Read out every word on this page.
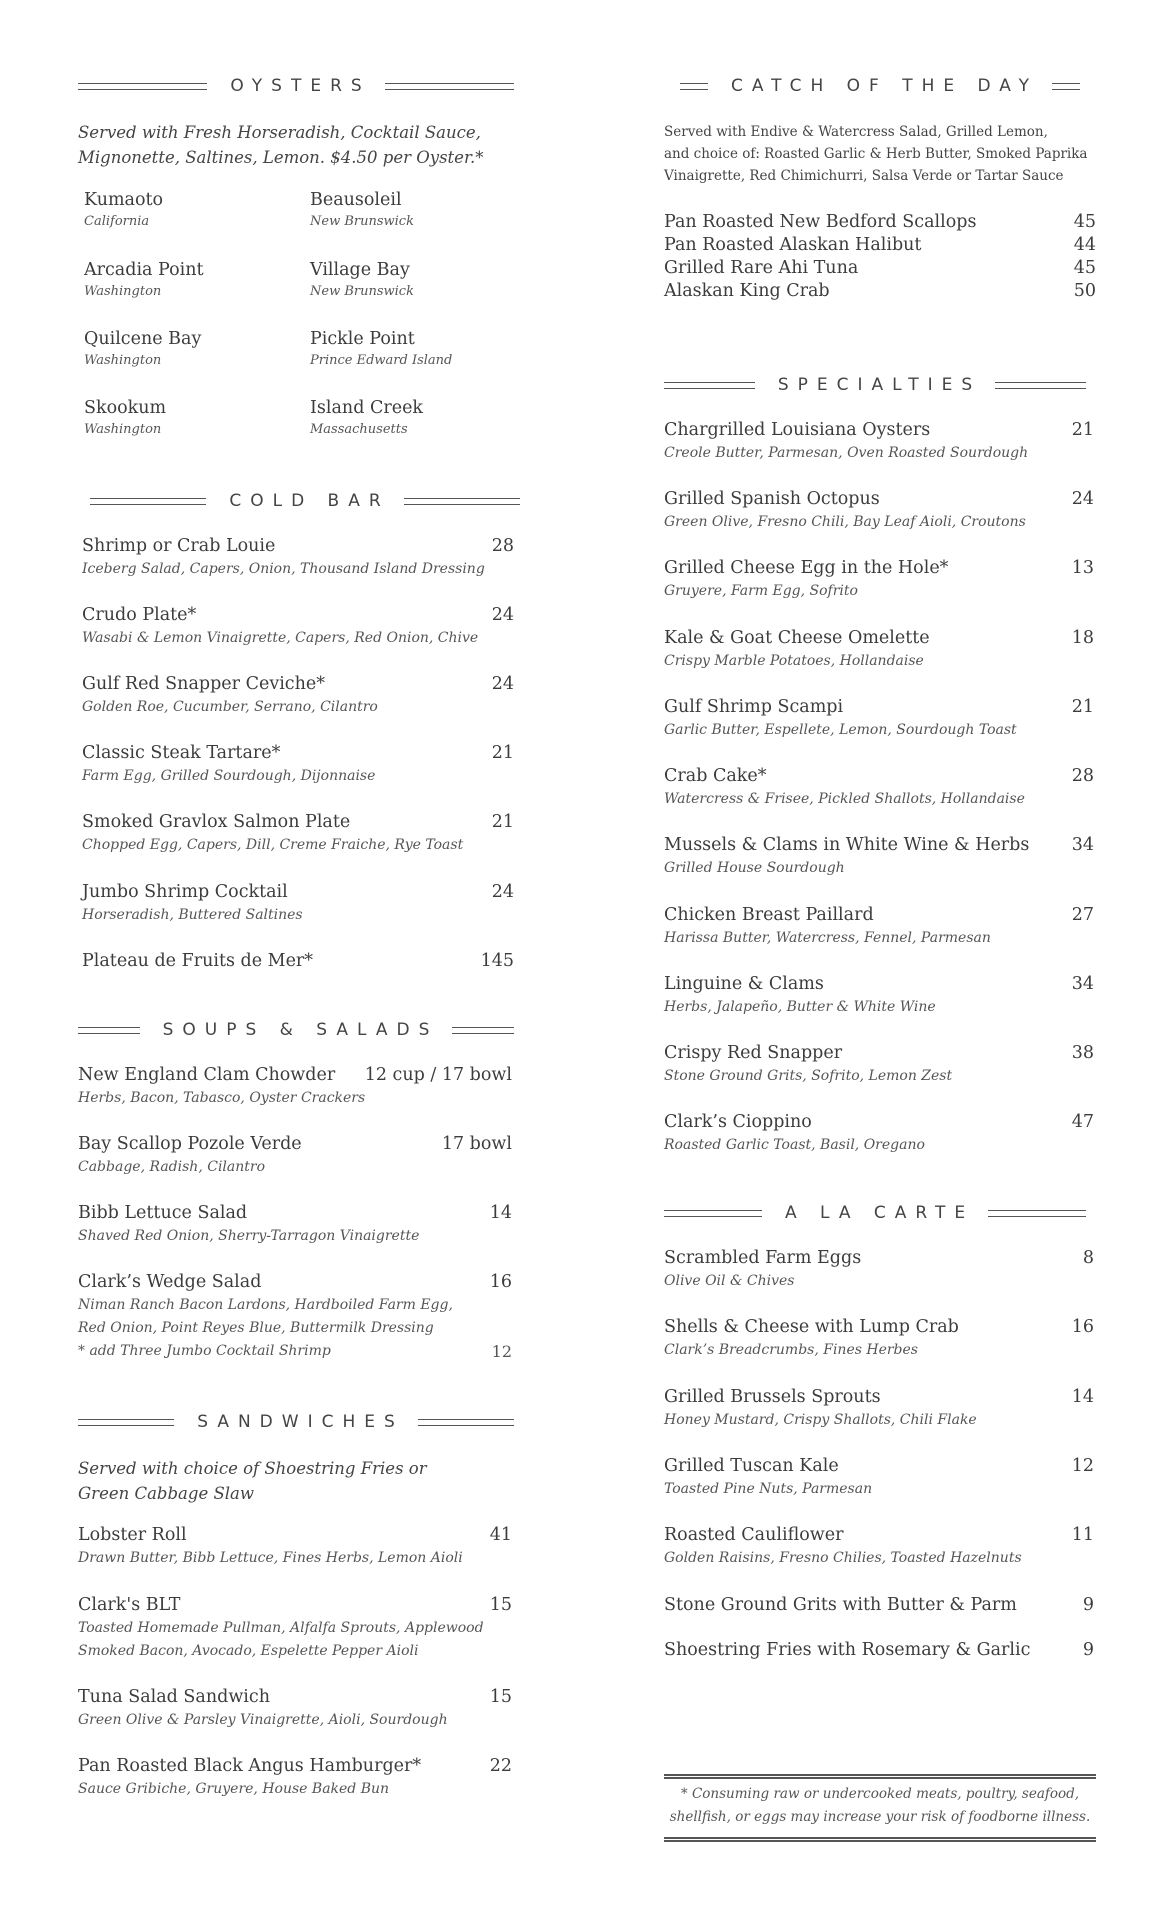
OYSTERS
Served with Fresh Horseradish, Cocktail Sauce,
Mignonette, Saltines, Lemon. $4.50 per Oyster.*
Kumaoto
California
Beausoleil
New Brunswick
Arcadia Point
Washington
Village Bay
New Brunswick
Quilcene Bay
Washington
Pickle Point
Prince Edward Island
Skookum
Washington
Island Creek
Massachusetts
COLD BAR
Shrimp or Crab Louie	28
Iceberg Salad, Capers, Onion, Thousand Island Dressing
Crudo Plate*	24
Wasabi & Lemon Vinaigrette, Capers, Red Onion, Chive
Gulf Red Snapper Ceviche*	24
Golden Roe, Cucumber, Serrano, Cilantro
Classic Steak Tartare*	21
Farm Egg, Grilled Sourdough, Dijonnaise
Smoked Gravlox Salmon Plate	21
Chopped Egg, Capers, Dill, Creme Fraiche, Rye Toast
Jumbo Shrimp Cocktail	24
Horseradish, Buttered Saltines
Plateau de Fruits de Mer*	145
SOUPS & SALADS
New England Clam Chowder 12 cup / 17 bowl
Herbs, Bacon, Tabasco, Oyster Crackers
Bay Scallop Pozole Verde	17 bowl
Cabbage, Radish, Cilantro
Bibb Lettuce Salad	14
Shaved Red Onion, Sherry-Tarragon Vinaigrette
Clark’s Wedge Salad	16
Niman Ranch Bacon Lardons, Hardboiled Farm Egg,
Red Onion, Point Reyes Blue, Buttermilk Dressing
* add Three Jumbo Cocktail Shrimp	12
SANDWICHES
Served with choice of Shoestring Fries or
Green Cabbage Slaw
Lobster Roll	41
Drawn Butter, Bibb Lettuce, Fines Herbs, Lemon Aioli
Clark's BLT	15
Toasted Homemade Pullman, Alfalfa Sprouts, Applewood
Smoked Bacon, Avocado, Espelette Pepper Aioli
Tuna Salad Sandwich	15
Green Olive & Parsley Vinaigrette, Aioli, Sourdough
Pan Roasted Black Angus Hamburger*	22
Sauce Gribiche, Gruyere, House Baked Bun
CATCH OF THE DAY
Served with Endive & Watercress Salad, Grilled Lemon,
and choice of: Roasted Garlic & Herb Butter, Smoked Paprika
Vinaigrette, Red Chimichurri, Salsa Verde or Tartar Sauce
Pan Roasted New Bedford Scallops	45
Pan Roasted Alaskan Halibut	44
Grilled Rare Ahi Tuna	45
Alaskan King Crab	50
SPECIALTIES
Chargrilled Louisiana Oysters	21
Creole Butter, Parmesan, Oven Roasted Sourdough
Grilled Spanish Octopus	24
Green Olive, Fresno Chili, Bay Leaf Aioli, Croutons
Grilled Cheese Egg in the Hole*	13
Gruyere, Farm Egg, Sofrito
Kale & Goat Cheese Omelette	18
Crispy Marble Potatoes, Hollandaise
Gulf Shrimp Scampi	21
Garlic Butter, Espellete, Lemon, Sourdough Toast
Crab Cake*	28
Watercress & Frisee, Pickled Shallots, Hollandaise
Mussels & Clams in White Wine & Herbs 34
Grilled House Sourdough
Chicken Breast Paillard	27
Harissa Butter, Watercress, Fennel, Parmesan
Linguine & Clams	34
Herbs, Jalapeño, Butter & White Wine
Crispy Red Snapper	38
Stone Ground Grits, Sofrito, Lemon Zest
Clark’s Cioppino	47
Roasted Garlic Toast, Basil, Oregano
A LA CARTE
Scrambled Farm Eggs	8
Olive Oil & Chives
Shells & Cheese with Lump Crab	16
Clark’s Breadcrumbs, Fines Herbes
Grilled Brussels Sprouts	14
Honey Mustard, Crispy Shallots, Chili Flake
Grilled Tuscan Kale	12
Toasted Pine Nuts, Parmesan
Roasted Cauliflower	11
Golden Raisins, Fresno Chilies, Toasted Hazelnuts
Stone Ground Grits with Butter & Parm	9
Shoestring Fries with Rosemary & Garlic	9
* Consuming raw or undercooked meats, poultry, seafood,
shellfish, or eggs may increase your risk of foodborne illness.
